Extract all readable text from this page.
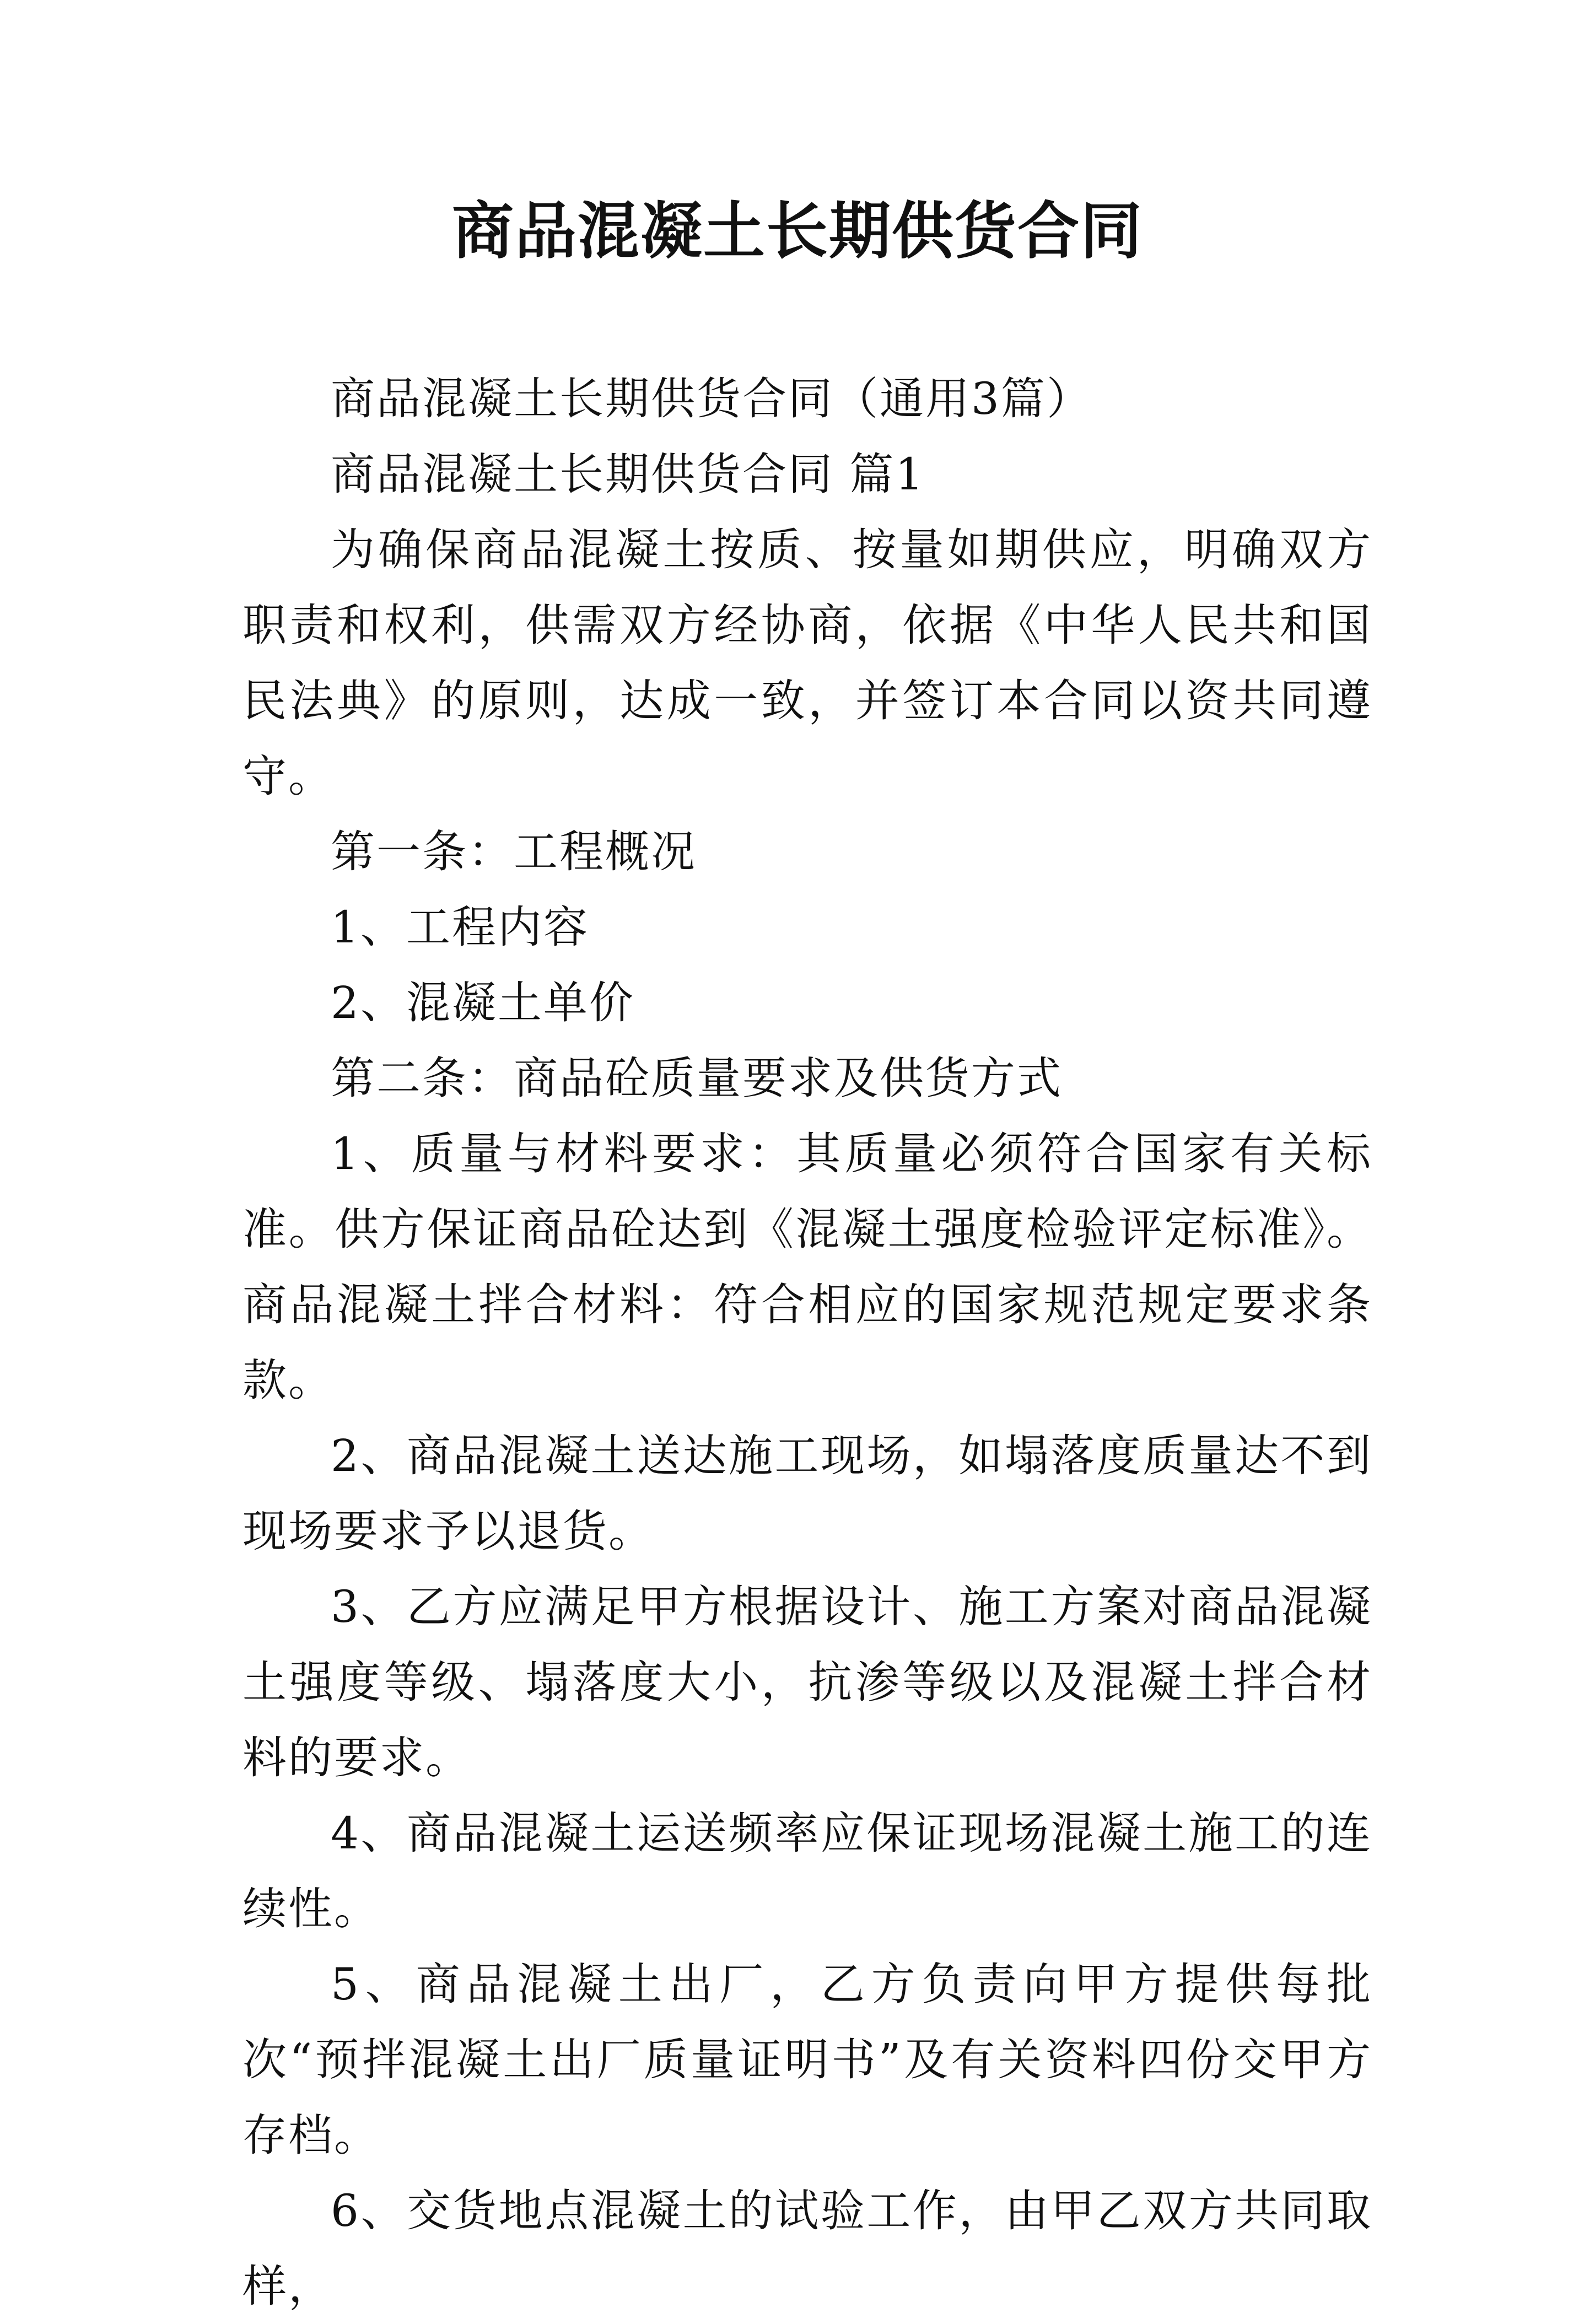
商品混凝土长期供货合同

商品混凝土长期供货合同（通用3篇）

商品混凝土长期供货合同 篇1

为确保商品混凝土按质、按量如期供应，明确双方职责和权利，供需双方经协商，依据《中华人民共和国民法典》的原则，达成一致，并签订本合同以资共同遵守。

第一条：工程概况

1、工程内容

2、混凝土单价

第二条：商品砼质量要求及供货方式

1、质量与材料要求：其质量必须符合国家有关标准。供方保证商品砼达到《混凝土强度检验评定标准》。商品混凝土拌合材料：符合相应的国家规范规定要求条款。

2、商品混凝土送达施工现场，如塌落度质量达不到现场要求予以退货。

3、乙方应满足甲方根据设计、施工方案对商品混凝土强度等级、塌落度大小，抗渗等级以及混凝土拌合材料的要求。

4、商品混凝土运送频率应保证现场混凝土施工的连续性。

5、商品混凝土出厂，乙方负责向甲方提供每批次“预拌混凝土出厂质量证明书”及有关资料四份交甲方存档。

6、交货地点混凝土的试验工作，由甲乙双方共同取样，
